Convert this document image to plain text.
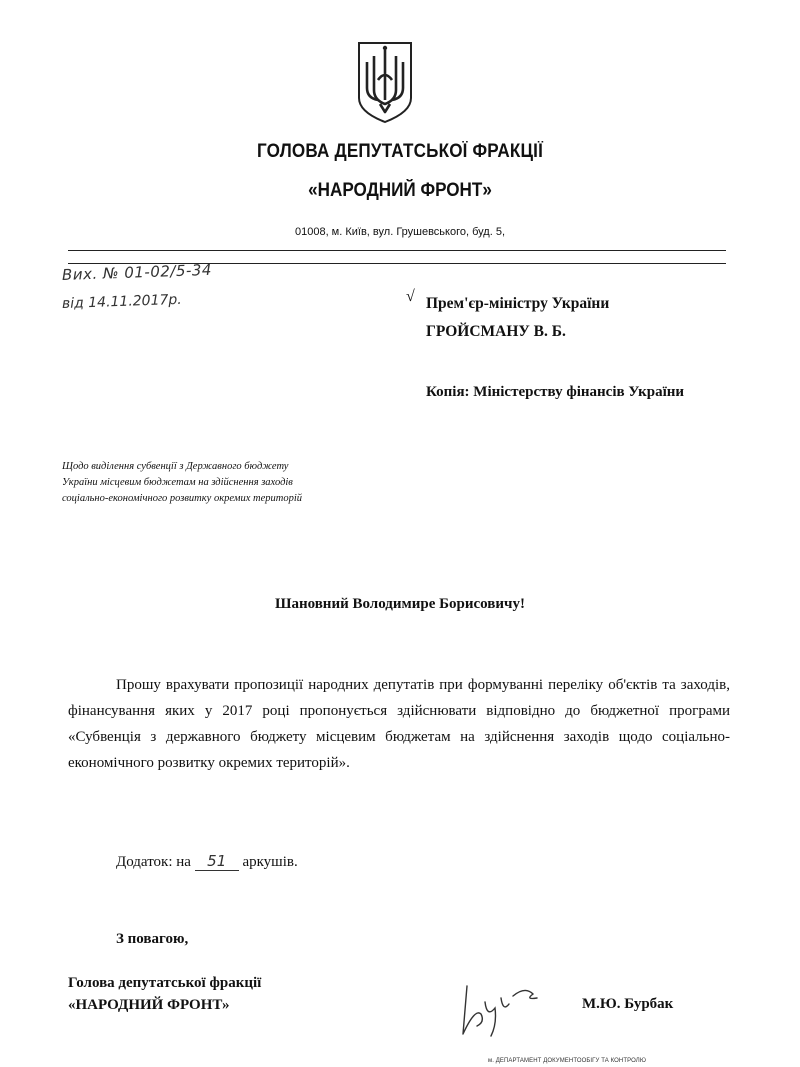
ГОЛОВА ДЕПУТАТСЬКОЇ ФРАКЦІЇ
«НАРОДНИЙ ФРОНТ»
01008, м. Київ, вул. Грушевського, буд. 5,
Вих. № 01-02/5-34
від 14.11.2017р.	√ Прем'єр-міністру України
ГРОЙСМАНУ В. Б.
Копія: Міністерству фінансів України
Щодо виділення субвенції з Державного бюджету
України місцевим бюджетам на здійснення заходів
соціально-економічного розвитку окремих територій
Шановний Володимире Борисовичу!
Прошу врахувати пропозиції народних депутатів при формуванні переліку об'єктів та заходів, фінансування яких у 2017 році пропонується здійснювати відповідно до бюджетної програми «Субвенція з державного бюджету місцевим бюджетам на здійснення заходів щодо соціально-економічного розвитку окремих територій».
Додаток: на 51 аркушів.
З повагою,
Голова депутатської фракції
«НАРОДНИЙ ФРОНТ»	М.Ю. Бурбак
м. ДЕПАРТАМЕНТ ДОКУМЕНТООБІГУ ТА КОНТРОЛЮ
